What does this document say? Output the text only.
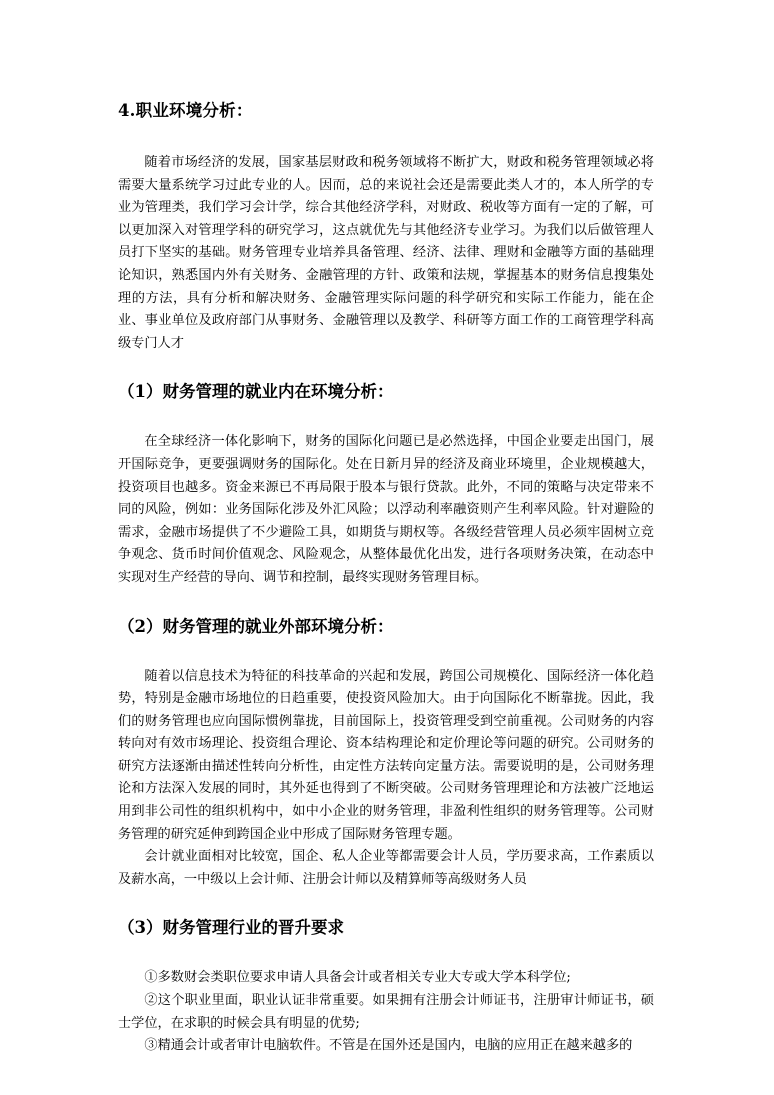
4.职业环境分析：

随着市场经济的发展，国家基层财政和税务领域将不断扩大，财政和税务管理领域必将需要大量系统学习过此专业的人。因而，总的来说社会还是需要此类人才的，本人所学的专业为管理类，我们学习会计学，综合其他经济学科，对财政、税收等方面有一定的了解，可以更加深入对管理学科的研究学习，这点就优先与其他经济专业学习。为我们以后做管理人员打下坚实的基础。财务管理专业培养具备管理、经济、法律、理财和金融等方面的基础理论知识，熟悉国内外有关财务、金融管理的方针、政策和法规，掌握基本的财务信息搜集处理的方法，具有分析和解决财务、金融管理实际问题的科学研究和实际工作能力，能在企业、事业单位及政府部门从事财务、金融管理以及教学、科研等方面工作的工商管理学科高级专门人才

（1）财务管理的就业内在环境分析：

在全球经济一体化影响下，财务的国际化问题已是必然选择，中国企业要走出国门，展开国际竞争，更要强调财务的国际化。处在日新月异的经济及商业环境里，企业规模越大，投资项目也越多。资金来源已不再局限于股本与银行贷款。此外，不同的策略与决定带来不同的风险，例如：业务国际化涉及外汇风险；以浮动利率融资则产生利率风险。针对避险的需求，金融市场提供了不少避险工具，如期货与期权等。各级经营管理人员必须牢固树立竞争观念、货币时间价值观念、风险观念，从整体最优化出发，进行各项财务决策，在动态中实现对生产经营的导向、调节和控制，最终实现财务管理目标。

（2）财务管理的就业外部环境分析：

随着以信息技术为特征的科技革命的兴起和发展，跨国公司规模化、国际经济一体化趋势，特别是金融市场地位的日趋重要，使投资风险加大。由于向国际化不断靠拢。因此，我们的财务管理也应向国际惯例靠拢，目前国际上，投资管理受到空前重视。公司财务的内容转向对有效市场理论、投资组合理论、资本结构理论和定价理论等问题的研究。公司财务的研究方法逐渐由描述性转向分析性，由定性方法转向定量方法。需要说明的是，公司财务理论和方法深入发展的同时，其外延也得到了不断突破。公司财务管理理论和方法被广泛地运用到非公司性的组织机构中，如中小企业的财务管理，非盈利性组织的财务管理等。公司财务管理的研究延伸到跨国企业中形成了国际财务管理专题。

会计就业面相对比较宽，国企、私人企业等都需要会计人员，学历要求高，工作素质以及薪水高，一中级以上会计师、注册会计师以及精算师等高级财务人员

（3）财务管理行业的晋升要求
①多数财会类职位要求申请人具备会计或者相关专业大专或大学本科学位;
②这个职业里面，职业认证非常重要。如果拥有注册会计师证书，注册审计师证书，硕士学位，在求职的时候会具有明显的优势;
③精通会计或者审计电脑软件。不管是在国外还是国内，电脑的应用正在越来越多的
